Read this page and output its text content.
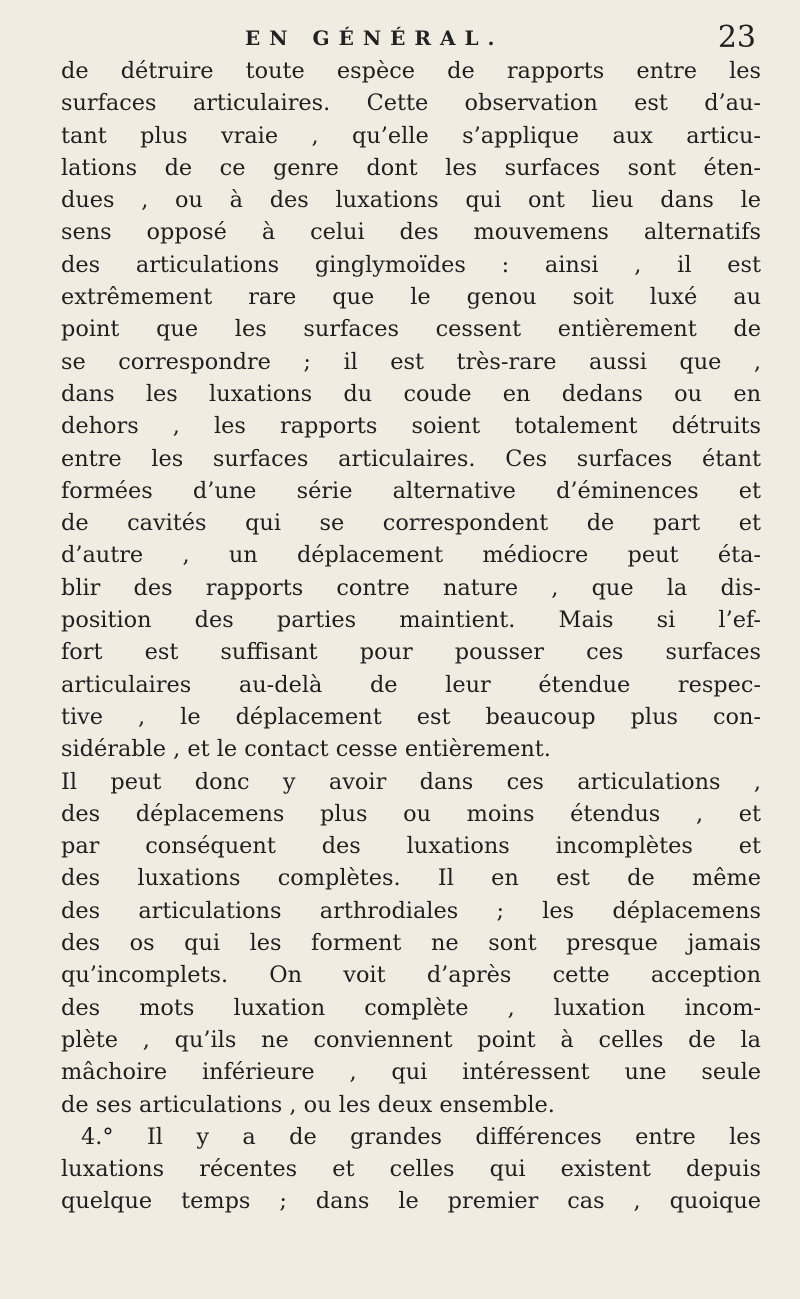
EN GÉNÉRAL.	23
de détruire toute espèce de rapports entre les
surfaces articulaires. Cette observation est d’au-
tant plus vraie , qu’elle s’applique aux articu-
lations de ce genre dont les surfaces sont éten-
dues , ou à des luxations qui ont lieu dans le
sens opposé à celui des mouvemens alternatifs
des articulations ginglymoïdes : ainsi , il est
extrêmement rare que le genou soit luxé au
point que les surfaces cessent entièrement de
se correspondre ; il est très-rare aussi que ,
dans les luxations du coude en dedans ou en
dehors , les rapports soient totalement détruits
entre les surfaces articulaires. Ces surfaces étant
formées d’une série alternative d’éminences et
de cavités qui se correspondent de part et
d’autre , un déplacement médiocre peut éta-
blir des rapports contre nature , que la dis-
position des parties maintient. Mais si l’ef-
fort est suffisant pour pousser ces surfaces
articulaires au-delà de leur étendue respec-
tive , le déplacement est beaucoup plus con-
sidérable , et le contact cesse entièrement.
Il peut donc y avoir dans ces articulations ,
des déplacemens plus ou moins étendus , et
par conséquent des luxations incomplètes et
des luxations complètes. Il en est de même
des articulations arthrodiales ; les déplacemens
des os qui les forment ne sont presque jamais
qu’incomplets. On voit d’après cette acception
des mots luxation complète , luxation incom-
plète , qu’ils ne conviennent point à celles de la
mâchoire inférieure , qui intéressent une seule
de ses articulations , ou les deux ensemble.
4.° Il y a de grandes différences entre les
luxations récentes et celles qui existent depuis
quelque temps ; dans le premier cas , quoique
